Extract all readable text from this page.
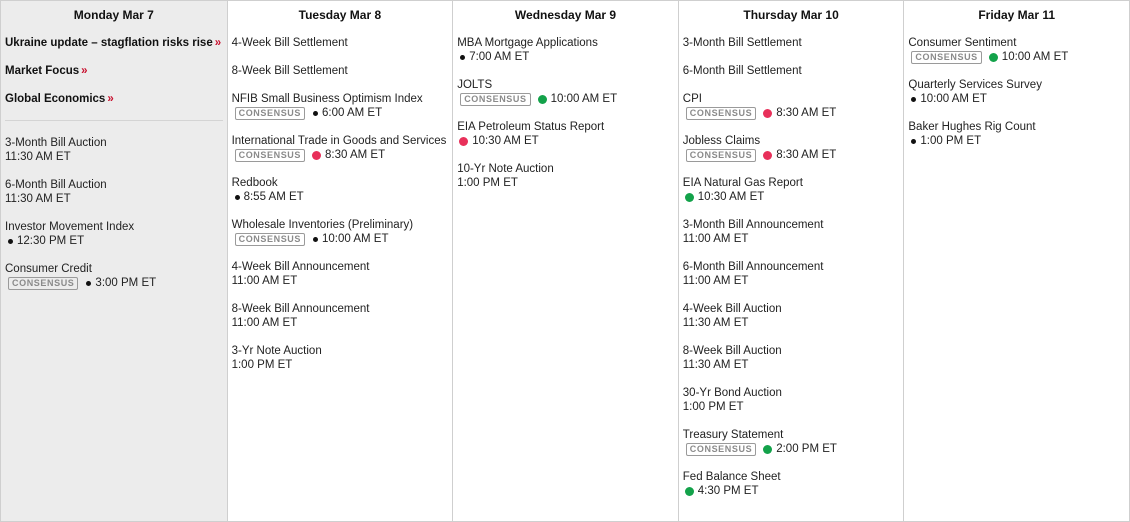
Monday Mar 7
Ukraine update – stagflation risks rise »
Market Focus »
Global Economics »
3-Month Bill Auction
11:30 AM ET
6-Month Bill Auction
11:30 AM ET
Investor Movement Index
12:30 PM ET
Consumer Credit
CONSENSUS	3:00 PM ET
Tuesday Mar 8
4-Week Bill Settlement
8-Week Bill Settlement
NFIB Small Business Optimism Index
CONSENSUS	6:00 AM ET
International Trade in Goods and Services
CONSENSUS	8:30 AM ET
Redbook
8:55 AM ET
Wholesale Inventories (Preliminary)
CONSENSUS	10:00 AM ET
4-Week Bill Announcement
11:00 AM ET
8-Week Bill Announcement
11:00 AM ET
3-Yr Note Auction
1:00 PM ET
Wednesday Mar 9
MBA Mortgage Applications
7:00 AM ET
JOLTS
CONSENSUS	10:00 AM ET
EIA Petroleum Status Report
10:30 AM ET
10-Yr Note Auction
1:00 PM ET
Thursday Mar 10
3-Month Bill Settlement
6-Month Bill Settlement
CPI
CONSENSUS	8:30 AM ET
Jobless Claims
CONSENSUS	8:30 AM ET
EIA Natural Gas Report
10:30 AM ET
3-Month Bill Announcement
11:00 AM ET
6-Month Bill Announcement
11:00 AM ET
4-Week Bill Auction
11:30 AM ET
8-Week Bill Auction
11:30 AM ET
30-Yr Bond Auction
1:00 PM ET
Treasury Statement
CONSENSUS	2:00 PM ET
Fed Balance Sheet
4:30 PM ET
Friday Mar 11
Consumer Sentiment
CONSENSUS	10:00 AM ET
Quarterly Services Survey
10:00 AM ET
Baker Hughes Rig Count
1:00 PM ET
